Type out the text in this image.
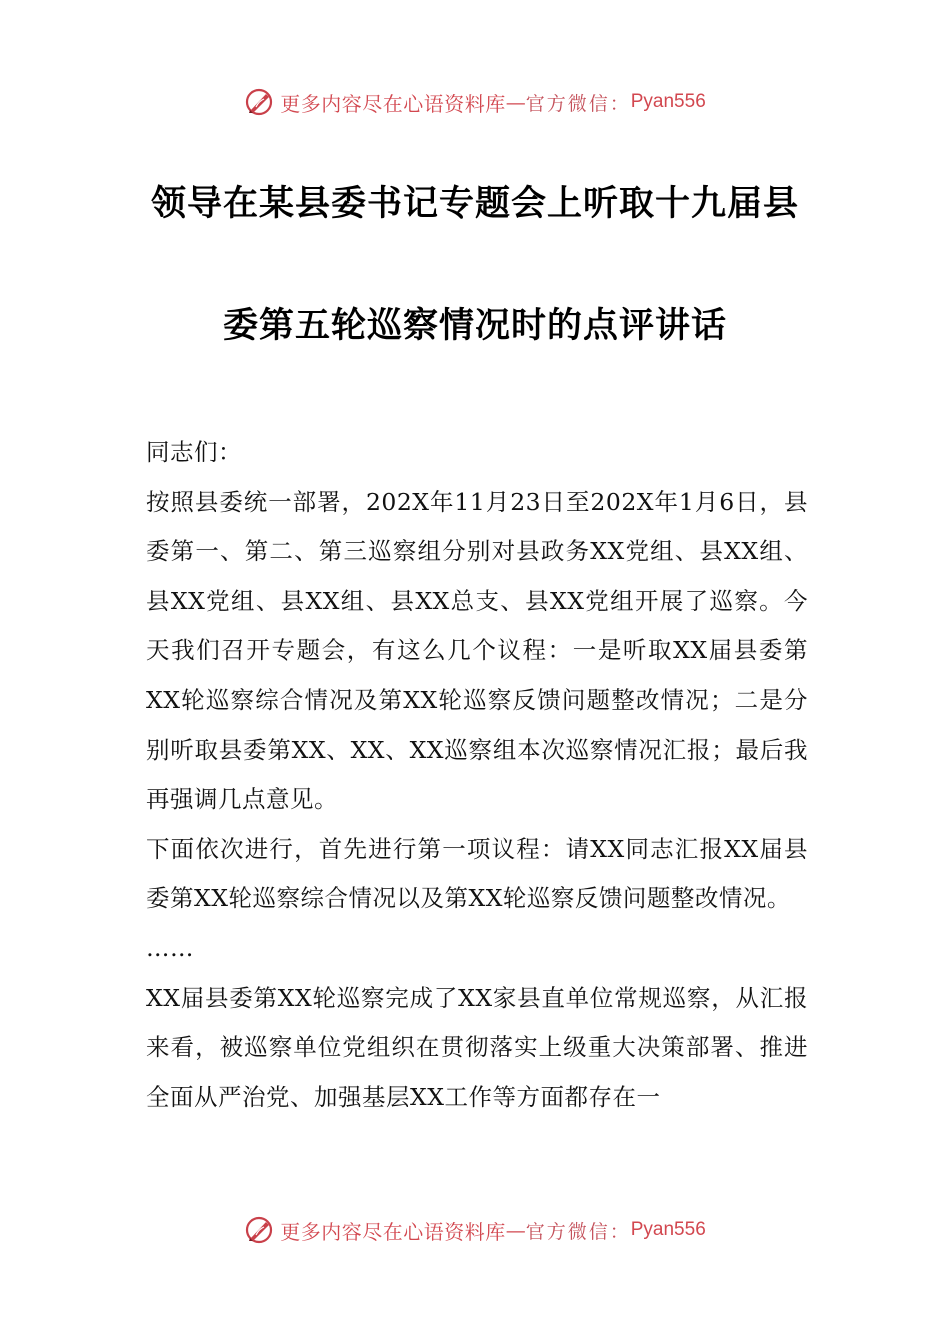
更多内容尽在心语资料库 — 官方微信： Pyan556
领导在某县委书记专题会上听取十九届县
委第五轮巡察情况时的点评讲话

同志们：

按照县委统一部署，202X年11月23日至202X年1月6日，县委第一、第二、第三巡察组分别对县政务XX党组、县XX组、县XX党组、县XX组、县XX总支、县XX党组开展了巡察。今天我们召开专题会，有这么几个议程：一是听取XX届县委第XX轮巡察综合情况及第XX轮巡察反馈问题整改情况；二是分别听取县委第XX、XX、XX巡察组本次巡察情况汇报；最后我再强调几点意见。

下面依次进行，首先进行第一项议程：请XX同志汇报XX届县委第XX轮巡察综合情况以及第XX轮巡察反馈问题整改情况。

……

XX届县委第XX轮巡察完成了XX家县直单位常规巡察，从汇报来看，被巡察单位党组织在贯彻落实上级重大决策部署、推进全面从严治党、加强基层XX工作等方面都存在一

更多内容尽在心语资料库 — 官方微信： Pyan556
